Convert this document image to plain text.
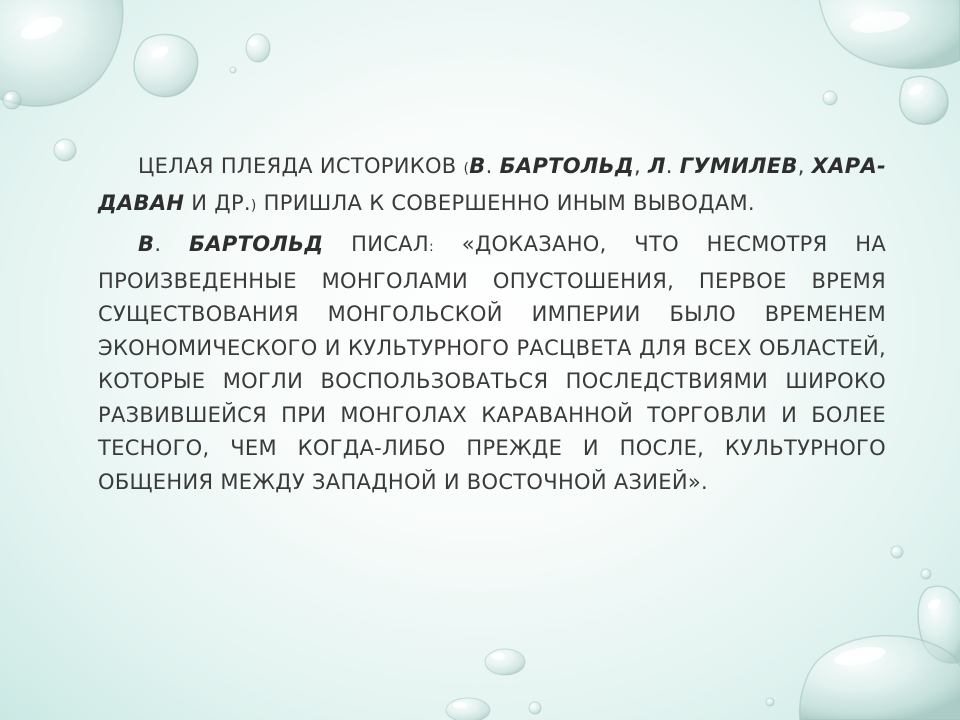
ЦЕЛАЯ ПЛЕЯДА ИСТОРИКОВ (В. БАРТОЛЬД, Л. ГУМИЛЕВ, ХАРА-ДАВАН И ДР.) ПРИШЛА К СОВЕРШЕННО ИНЫМ ВЫВОДАМ.

В. БАРТОЛЬД ПИСАЛ: «ДОКАЗАНО, ЧТО НЕСМОТРЯ НА ПРОИЗВЕДЕННЫЕ МОНГОЛАМИ ОПУСТОШЕНИЯ, ПЕРВОЕ ВРЕМЯ СУЩЕСТВОВАНИЯ МОНГОЛЬСКОЙ ИМПЕРИИ БЫЛО ВРЕМЕНЕМ ЭКОНОМИЧЕСКОГО И КУЛЬТУРНОГО РАСЦВЕТА ДЛЯ ВСЕХ ОБЛАСТЕЙ, КОТОРЫЕ МОГЛИ ВОСПОЛЬЗОВАТЬСЯ ПОСЛЕДСТВИЯМИ ШИРОКО РАЗВИВШЕЙСЯ ПРИ МОНГОЛАХ КАРАВАННОЙ ТОРГОВЛИ И БОЛЕЕ ТЕСНОГО, ЧЕМ КОГДА-ЛИБО ПРЕЖДЕ И ПОСЛЕ, КУЛЬТУРНОГО ОБЩЕНИЯ МЕЖДУ ЗАПАДНОЙ И ВОСТОЧНОЙ АЗИЕЙ».
